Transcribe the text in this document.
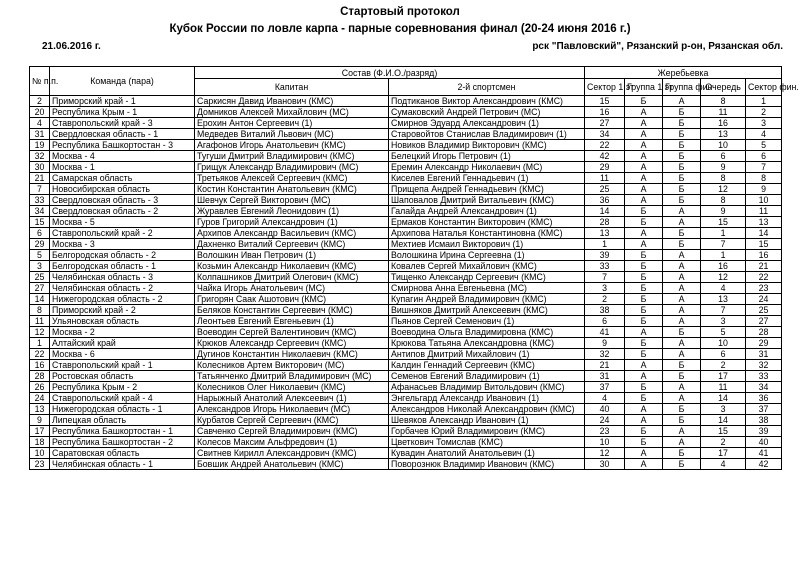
Стартовый протокол
Кубок России по ловле карпа - парные соревнования финал (20-24 июня 2016 г.)
21.06.2016 г.	рск "Павловский", Рязанский р-он, Рязанская обл.
№ п.п.	Команда (пара)	Состав (Ф.И.О./разряд)		Жеребьевка				
		Капитан	2-й спортсмен	Сектор 1 эт	Группа 1 эт	Группа фин	Очередь	Сектор фин.

2	Приморский край - 1	Саркисян Давид Иванович (КМС)	Подтиканов Виктор Александрович (КМС)	15	Б	А	8	1
20	Республика Крым - 1	Домников Алексей Михайлович (МС)	Сумаковский Андрей Петрович (МС)	16	А	Б	11	2
4	Ставропольский край - 3	Ерохин Антон Сергеевич (1)	Смирнов Эдуард Александрович (1)	27	А	Б	16	3
31	Свердловская область - 1	Медведев Виталий Львович (МС)	Старовойтов Станислав Владимирович (1)	34	А	Б	13	4
19	Республика Башкортостан - 3	Агафонов Игорь Анатольевич (КМС)	Новиков Владимир Викторович (КМС)	22	А	Б	10	5
32	Москва - 4	Тугуши Дмитрий Владимирович (КМС)	Белецкий Игорь Петрович (1)	42	А	Б	6	6
30	Москва - 1	Грищук Александр Владимирович (МС)	Еремин Александр Николаевич (МС)	29	А	Б	9	7
21	Самарская область	Третьяков Алексей Сергеевич (КМС)	Киселев Евгений Геннадьевич (1)	11	А	Б	8	8
7	Новосибирская область	Костин Константин Анатольевич (КМС)	Прищепа Андрей Геннадьевич (КМС)	25	А	Б	12	9
33	Свердловская область - 3	Шевчук Сергей Викторович (МС)	Шаповалов Дмитрий Витальевич (КМС)	36	А	Б	8	10
34	Свердловская область - 2	Журавлев Евгений Леонидович (1)	Галайда Андрей Александрович (1)	14	Б	А	9	11
15	Москва - 5	Гуров Григорий Александрович (1)	Ермаков Константин Викторович (КМС)	28	Б	А	15	13
6	Ставропольский край - 2	Архипов Александр Васильевич (КМС)	Архипова Наталья Константиновна (КМС)	13	А	Б	1	14
29	Москва - 3	Дахненко Виталий Сергеевич (КМС)	Мехтиев Исмаил Викторович (1)	1	А	Б	7	15
5	Белгородская область - 2	Волошкин Иван Петрович (1)	Волошкина Ирина Сергеевна (1)	39	Б	А	1	16
3	Белгородская область - 1	Козьмин Александр Николаевич (КМС)	Ковалев Сергей Михайлович (КМС)	33	Б	А	16	21
25	Челябинская область - 3	Колпашников Дмитрий Олегович (КМС)	Тищенко Александр Сергеевич (КМС)	7	Б	А	12	22
27	Челябинская область - 2	Чайка Игорь Анатольевич (МС)	Смирнова Анна Евгеньевна (МС)	3	Б	А	4	23
14	Нижегородская область - 2	Григорян Саак Ашотович (КМС)	Купагин Андрей Владимирович (КМС)	2	Б	А	13	24
8	Приморский край - 2	Беляков Константин Сергеевич (КМС)	Вишняков Дмитрий Алексеевич (КМС)	38	Б	А	7	25
11	Ульяновская область	Леонтьев Евгений Евгеньевич (1)	Пьянов Сергей Семенович (1)	6	Б	А	3	27
12	Москва - 2	Воеводин Сергей Валентинович (КМС)	Воеводина Ольга Владимировна (КМС)	41	А	Б	5	28
1	Алтайский край	Крюков Александр Сергеевич (КМС)	Крюкова Татьяна Александровна (КМС)	9	Б	А	10	29
22	Москва - 6	Дугинов Константин Николаевич (КМС)	Антипов Дмитрий Михайлович (1)	32	Б	А	6	31
16	Ставропольский край - 1	Колесников Артем Викторович (МС)	Калдин Геннадий Сергеевич (КМС)	21	А	Б	2	32
28	Ростовская область	Татьянченко Дмитрий Владимирович (МС)	Семенов Евгений Владимирович (1)	31	А	Б	17	33
26	Республика Крым - 2	Колесников Олег Николаевич (КМС)	Афанасьев Владимир Витольдович (КМС)	37	Б	А	11	34
24	Ставропольский край - 4	Нарыжный Анатолий Алексеевич (1)	Энгельгард Александр Иванович (1)	4	Б	А	14	36
13	Нижегородская область - 1	Александров Игорь Николаевич (МС)	Александров Николай Александрович (КМС)	40	А	Б	3	37
9	Липецкая область	Курбатов Сергей Сергеевич (КМС)	Шевяков Александр Иванович (1)	24	А	Б	14	38
17	Республика Башкортостан - 1	Савченко Сергей Владимирович (КМС)	Горбачев Юрий Владимирович (КМС)	23	Б	А	15	39
18	Республика Башкортостан - 2	Колесов Максим Альфредович (1)	Цветкович Томислав (КМС)	10	Б	А	2	40
10	Саратовская область	Свитнев Кирилл Александрович (КМС)	Кувадин Анатолий Анатольевич (1)	12	А	Б	17	41
23	Челябинская область - 1	Бовшик Андрей Анатольевич (КМС)	Поворознюк Владимир Иванович (КМС)	30	А	Б	4	42
